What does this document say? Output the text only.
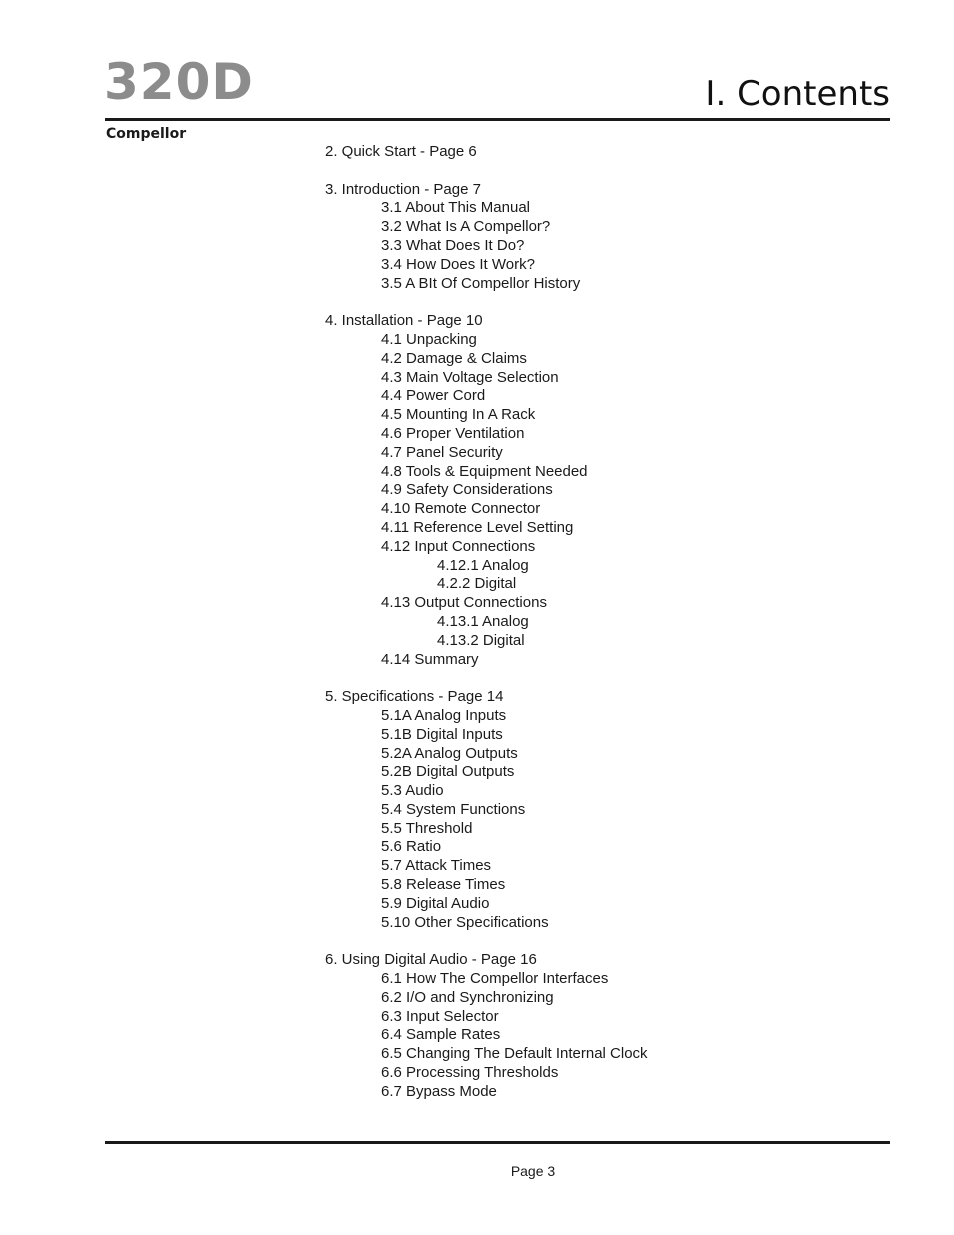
320D
Compellor
I. Contents
2. Quick Start - Page 6
3. Introduction - Page 7
3.1 About This Manual
3.2 What Is A Compellor?
3.3 What Does It Do?
3.4 How Does It Work?
3.5 A BIt Of Compellor History
4. Installation - Page 10
4.1 Unpacking
4.2 Damage & Claims
4.3 Main Voltage Selection
4.4 Power Cord
4.5 Mounting In A Rack
4.6 Proper Ventilation
4.7 Panel Security
4.8 Tools & Equipment Needed
4.9 Safety Considerations
4.10 Remote Connector
4.11 Reference Level Setting
4.12 Input Connections
4.12.1 Analog
4.2.2 Digital
4.13 Output Connections
4.13.1 Analog
4.13.2 Digital
4.14 Summary
5. Specifications - Page 14
5.1A Analog Inputs
5.1B Digital Inputs
5.2A Analog Outputs
5.2B Digital Outputs
5.3 Audio
5.4 System Functions
5.5 Threshold
5.6 Ratio
5.7 Attack Times
5.8 Release Times
5.9 Digital Audio
5.10 Other Specifications
6. Using Digital Audio - Page 16
6.1 How The Compellor Interfaces
6.2 I/O and Synchronizing
6.3 Input Selector
6.4 Sample Rates
6.5 Changing The Default Internal Clock
6.6 Processing Thresholds
6.7 Bypass Mode
Page 3
